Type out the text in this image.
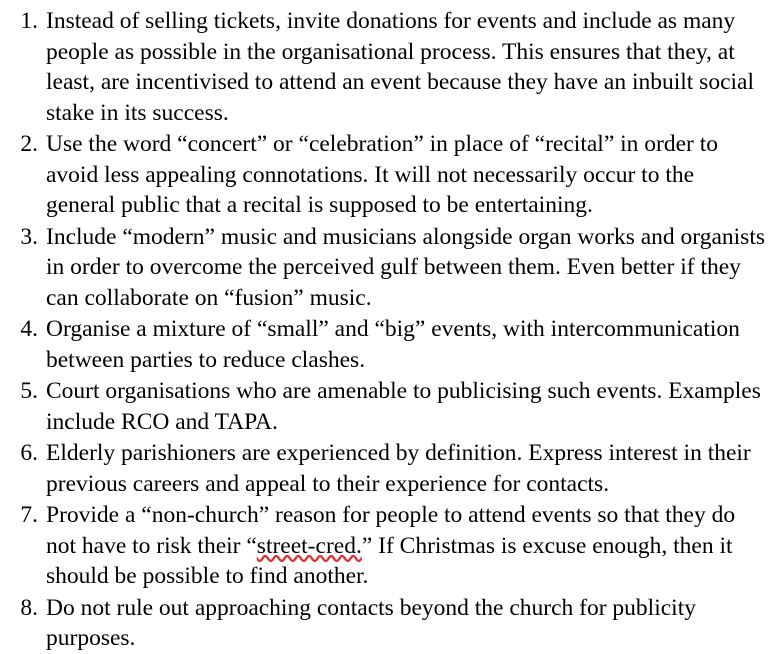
1. Instead of selling tickets, invite donations for events and include as many people as possible in the organisational process. This ensures that they, at least, are incentivised to attend an event because they have an inbuilt social stake in its success.
2. Use the word “concert” or “celebration” in place of “recital” in order to avoid less appealing connotations. It will not necessarily occur to the general public that a recital is supposed to be entertaining.
3. Include “modern” music and musicians alongside organ works and organists in order to overcome the perceived gulf between them. Even better if they can collaborate on “fusion” music.
4. Organise a mixture of “small” and “big” events, with intercommunication between parties to reduce clashes.
5. Court organisations who are amenable to publicising such events. Examples include RCO and TAPA.
6. Elderly parishioners are experienced by definition. Express interest in their previous careers and appeal to their experience for contacts.
7. Provide a “non-church” reason for people to attend events so that they do not have to risk their “street-cred.” If Christmas is excuse enough, then it should be possible to find another.
8. Do not rule out approaching contacts beyond the church for publicity purposes.
